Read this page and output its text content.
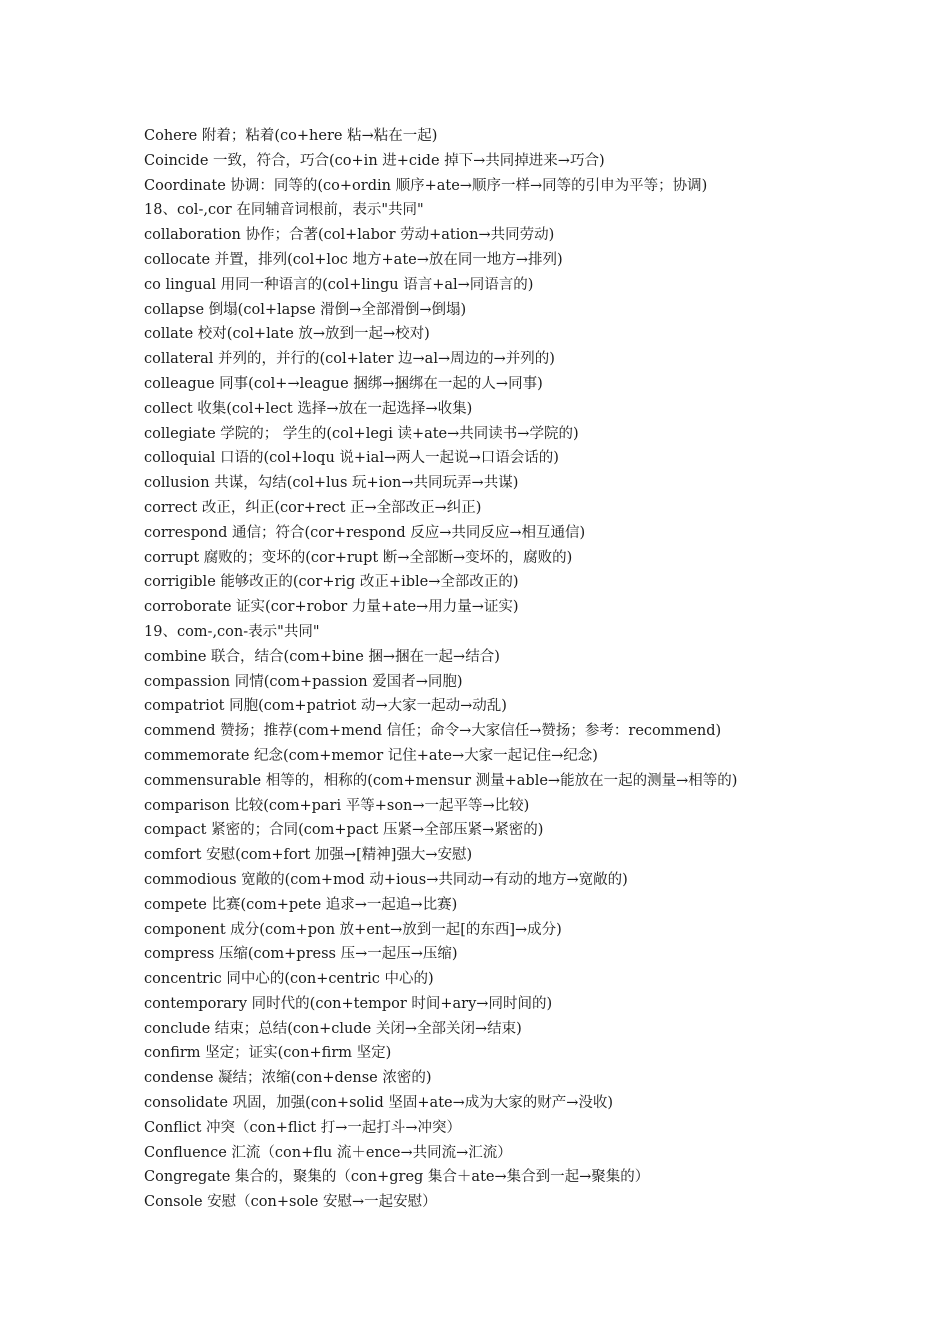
Cohere 附着；粘着(co+here 粘→粘在一起)
Coincide 一致，符合，巧合(co+in 进+cide 掉下→共同掉进来→巧合)
Coordinate 协调：同等的(co+ordin 顺序+ate→顺序一样→同等的引申为平等；协调)
18、col-,cor 在同辅音词根前，表示"共同"
collaboration 协作；合著(col+labor 劳动+ation→共同劳动)
collocate 并置，排列(col+loc 地方+ate→放在同一地方→排列)
co lingual 用同一种语言的(col+lingu 语言+al→同语言的)
collapse 倒塌(col+lapse 滑倒→全部滑倒→倒塌)
collate 校对(col+late 放→放到一起→校对)
collateral 并列的，并行的(col+later 边→al→周边的→并列的)
colleague 同事(col+→league 捆绑→捆绑在一起的人→同事)
collect 收集(col+lect 选择→放在一起选择→收集)
collegiate 学院的； 学生的(col+legi 读+ate→共同读书→学院的)
colloquial 口语的(col+loqu 说+ial→两人一起说→口语会话的)
collusion 共谋，勾结(col+lus 玩+ion→共同玩弄→共谋)
correct 改正，纠正(cor+rect 正→全部改正→纠正)
correspond 通信；符合(cor+respond 反应→共同反应→相互通信)
corrupt 腐败的；变坏的(cor+rupt 断→全部断→变坏的，腐败的)
corrigible 能够改正的(cor+rig 改正+ible→全部改正的)
corroborate 证实(cor+robor 力量+ate→用力量→证实)
19、com-,con-表示"共同"
combine 联合，结合(com+bine 捆→捆在一起→结合)
compassion 同情(com+passion 爱国者→同胞)
compatriot 同胞(com+patriot 动→大家一起动→动乱)
commend 赞扬；推荐(com+mend 信任；命令→大家信任→赞扬；参考：recommend)
commemorate 纪念(com+memor 记住+ate→大家一起记住→纪念)
commensurable 相等的，相称的(com+mensur 测量+able→能放在一起的测量→相等的)
comparison 比较(com+pari 平等+son→一起平等→比较)
compact 紧密的；合同(com+pact 压紧→全部压紧→紧密的)
comfort 安慰(com+fort 加强→[精神]强大→安慰)
commodious 宽敞的(com+mod 动+ious→共同动→有动的地方→宽敞的)
compete 比赛(com+pete 追求→一起追→比赛)
component 成分(com+pon 放+ent→放到一起[的东西]→成分)
compress 压缩(com+press 压→一起压→压缩)
concentric 同中心的(con+centric 中心的)
contemporary 同时代的(con+tempor 时间+ary→同时间的)
conclude 结束；总结(con+clude 关闭→全部关闭→结束)
confirm 坚定；证实(con+firm 坚定)
condense 凝结；浓缩(con+dense 浓密的)
consolidate 巩固，加强(con+solid 坚固+ate→成为大家的财产→没收)
Conflict 冲突（con+flict 打→一起打斗→冲突）
Confluence 汇流（con+flu 流＋ence→共同流→汇流）
Congregate 集合的，聚集的（con+greg 集合＋ate→集合到一起→聚集的）
Console 安慰（con+sole 安慰→一起安慰）
